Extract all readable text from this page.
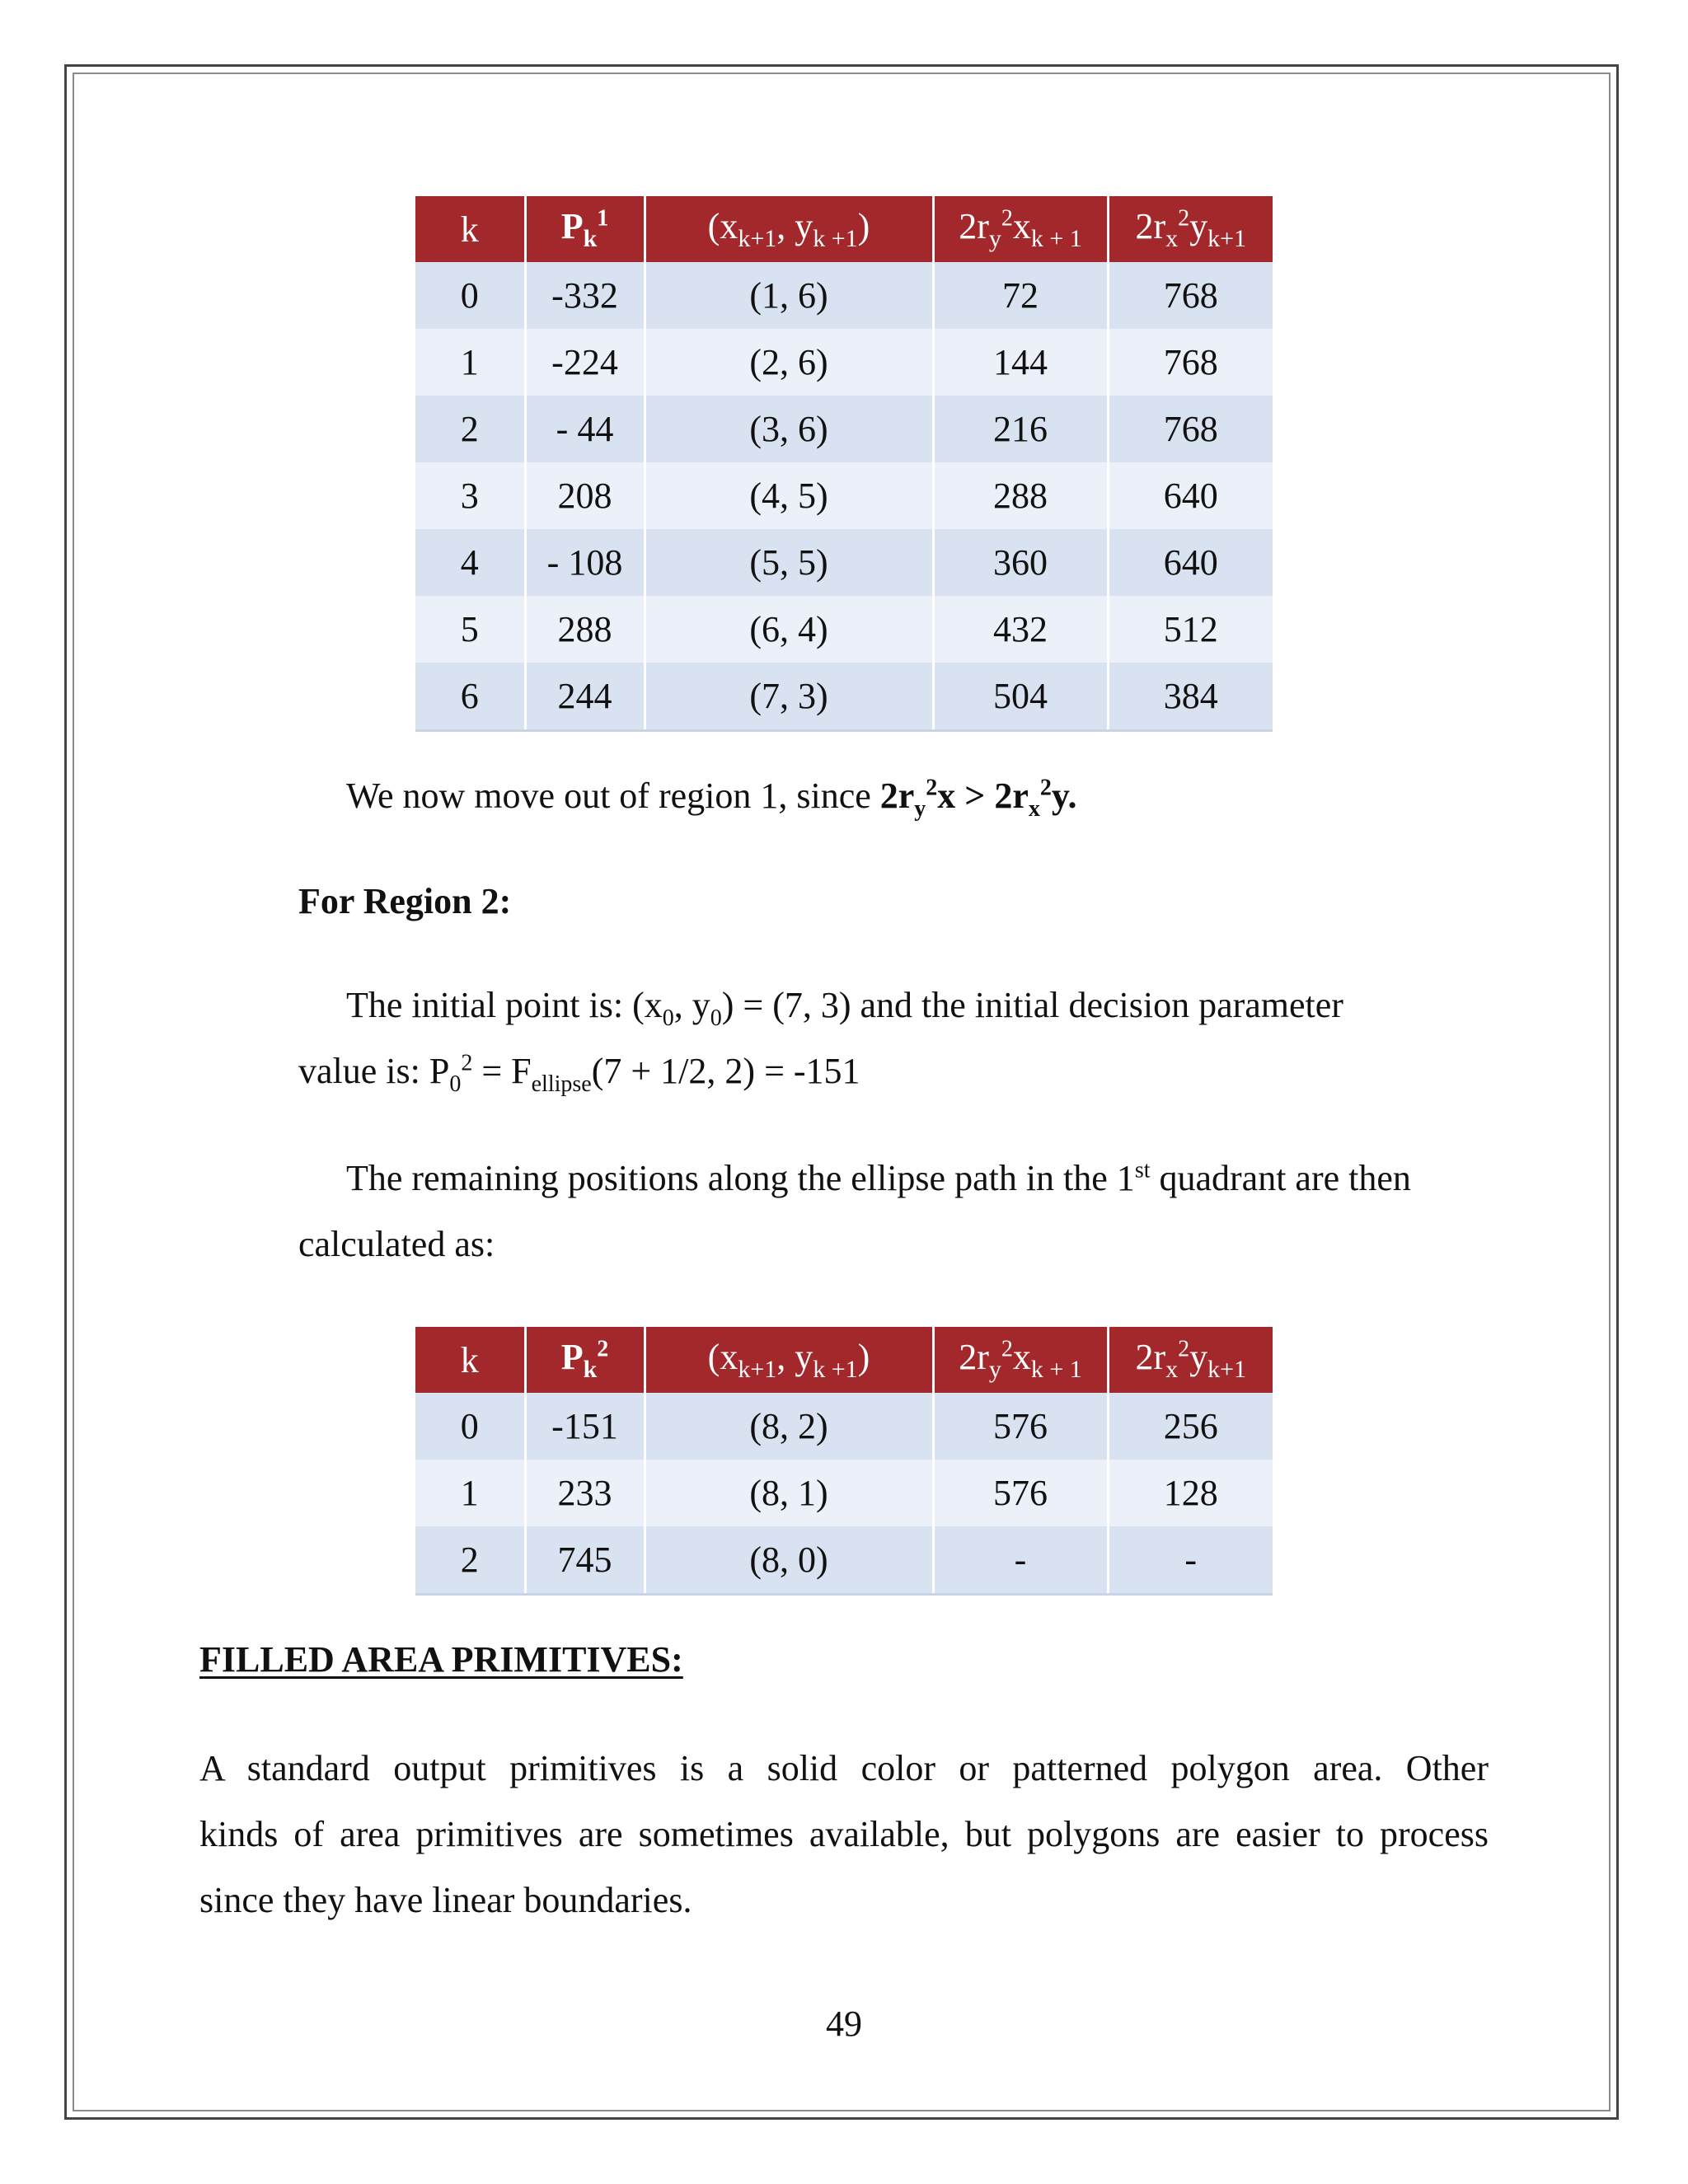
k	$P_k^1$	($x_{k+1}$, $y_{k +1}$)	$2r_y^2x_{k + 1}$	$2r_x^2y_{k+1}$
0	-332	(1, 6)	72	768
1	-224	(2, 6)	144	768
2	- 44	(3, 6)	216	768
3	208	(4, 5)	288	640
4	- 108	(5, 5)	360	640
5	288	(6, 4)	432	512
6	244	(7, 3)	504	384

We now move out of region 1, since $2r_y^2x > 2r_x^2y$.

For Region 2:

The initial point is: ($x_0$, $y_0) = (7$, 3) and the initial decision parameter

value is: $P_0^2 = F_{ellipse}(7 + 1/2$, 2) = -151

The remaining positions along the ellipse path in the 1st quadrant are then

calculated as:

k	$P_k^2$	($x_{k+1}$, $y_{k +1}$)	$2r_y^2x_{k + 1}$	$2r_x^2y_{k+1}$
0	-151	(8, 2)	576	256
1	233	(8, 1)	576	128
2	745	(8, 0)	-	-

FILLED AREA PRIMITIVES:

A standard output primitives is a solid color or patterned polygon area. Other

kinds of area primitives are sometimes available, but polygons are easier to process

since they have linear boundaries.

49
